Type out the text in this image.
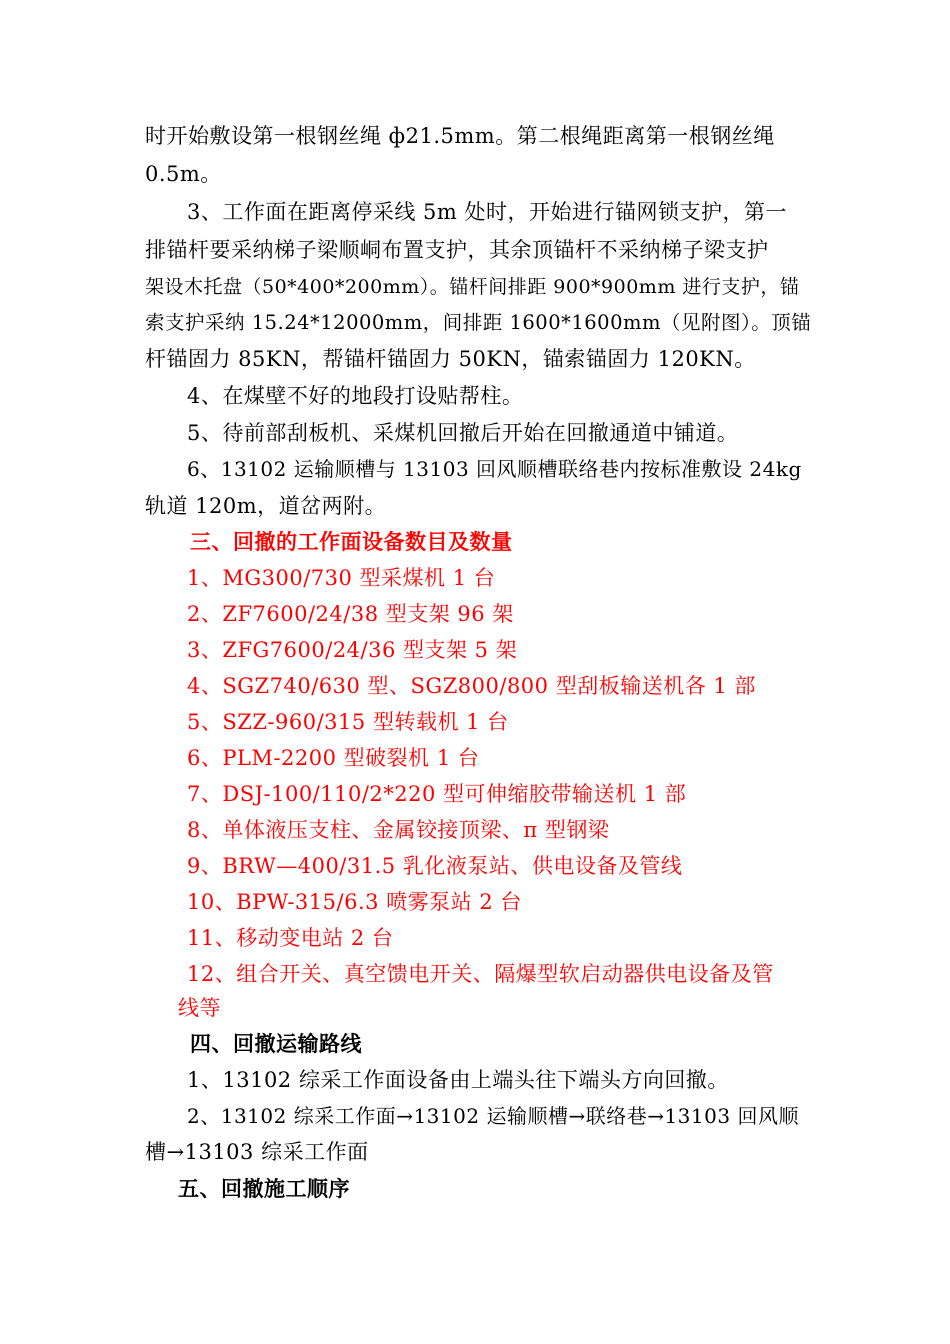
时开始敷设第一根钢丝绳 ф21.5mm。第二根绳距离第一根钢丝绳
0.5m。
3、工作面在距离停采线 5m 处时，开始进行锚网锁支护，第一
排锚杆要采纳梯子梁顺峒布置支护，其余顶锚杆不采纳梯子梁支护
架设木托盘（50*400*200mm）。锚杆间排距 900*900mm 进行支护，锚
索支护采纳 15.24*12000mm，间排距 1600*1600mm（见附图）。顶锚
杆锚固力 85KN，帮锚杆锚固力 50KN，锚索锚固力 120KN。
4、在煤壁不好的地段打设贴帮柱。
5、待前部刮板机、采煤机回撤后开始在回撤通道中铺道。
6、13102 运输顺槽与 13103 回风顺槽联络巷内按标准敷设 24kg
轨道 120m，道岔两附。
三、回撤的工作面设备数目及数量
1、MG300/730 型采煤机 1 台
2、ZF7600/24/38 型支架 96 架
3、ZFG7600/24/36 型支架 5 架
4、SGZ740/630 型、SGZ800/800 型刮板输送机各 1 部
5、SZZ-960/315 型转载机 1 台
6、PLM-2200 型破裂机 1 台
7、DSJ-100/110/2*220 型可伸缩胶带输送机 1 部
8、单体液压支柱、金属铰接顶梁、π 型钢梁
9、BRW—400/31.5 乳化液泵站、供电设备及管线
10、BPW-315/6.3 喷雾泵站 2 台
11、移动变电站 2 台
12、组合开关、真空馈电开关、隔爆型软启动器供电设备及管
线等
四、回撤运输路线
1、13102 综采工作面设备由上端头往下端头方向回撤。
2、13102 综采工作面→13102 运输顺槽→联络巷→13103 回风顺
槽→13103 综采工作面
五、回撤施工顺序
